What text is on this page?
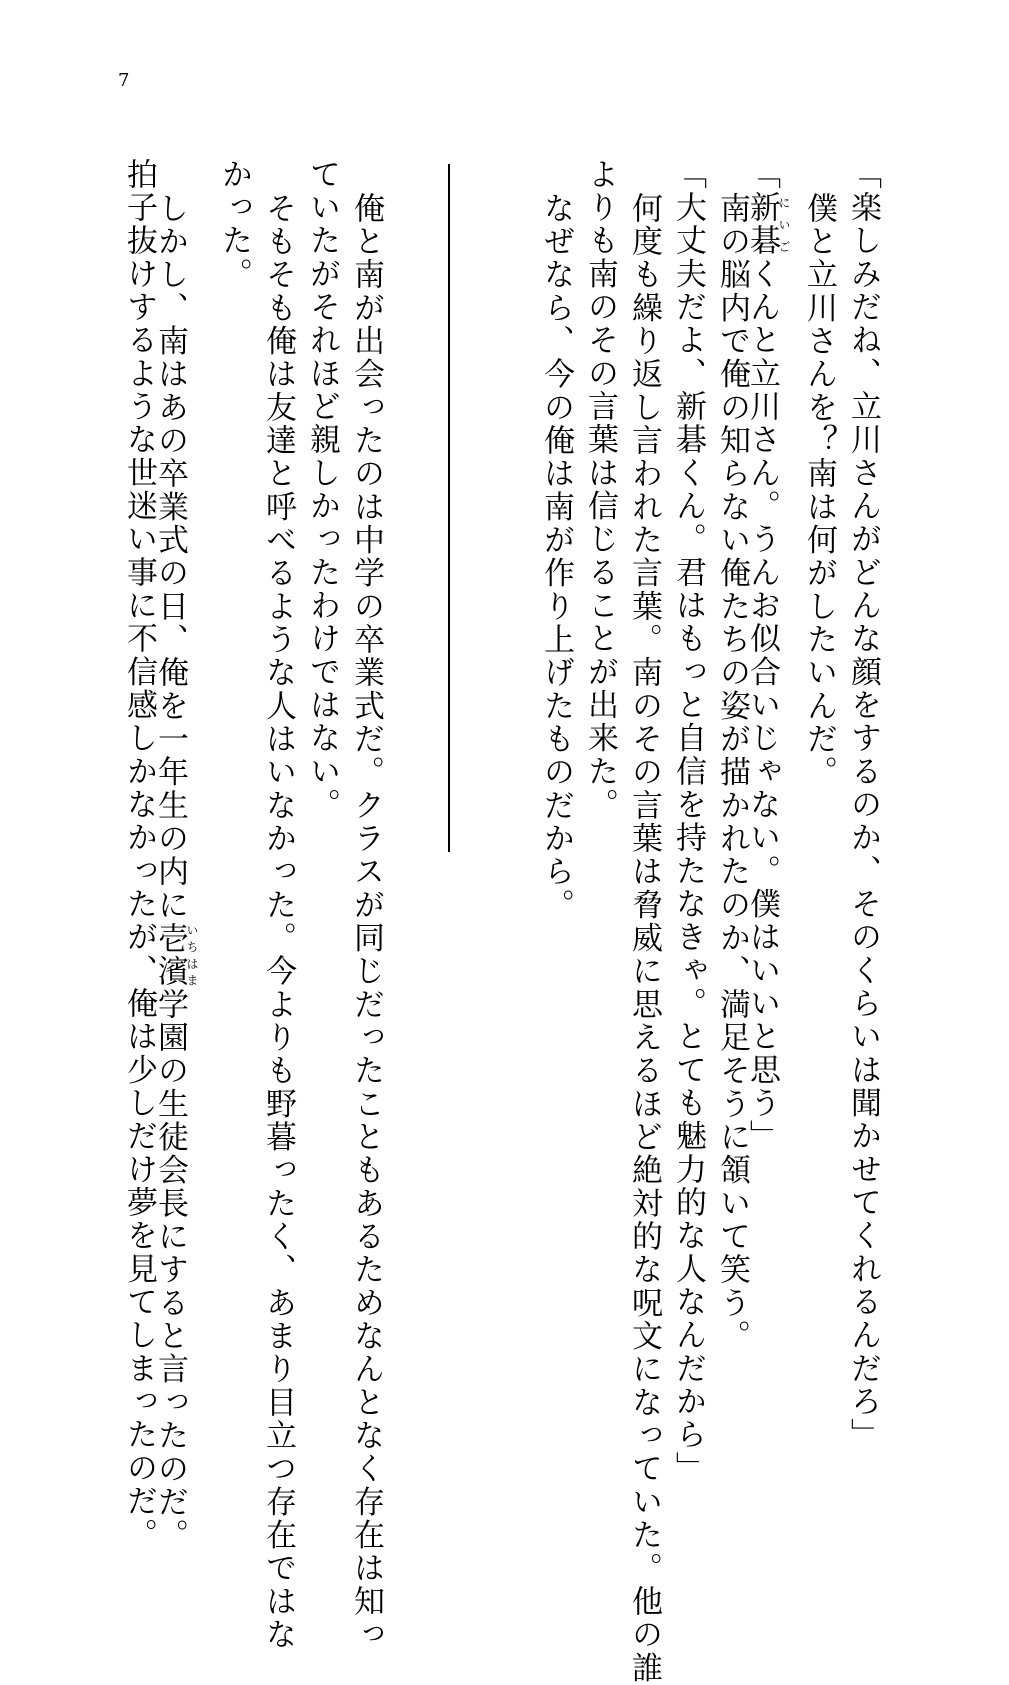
7
「楽しみだね、立川さんがどんな顔をするのか、そのくらいは聞かせてくれるんだろ」
僕と立川さんを？南は何がしたいんだ。
「新碁にいごくんと立川さん。うんお似合いじゃない。僕はいいと思う」
南の脳内で俺の知らない俺たちの姿が描かれたのか、満足そうに頷いて笑う。
「大丈夫だよ、新碁くん。君はもっと自信を持たなきゃ。とても魅力的な人なんだから」
何度も繰り返し言われた言葉。南のその言葉は脅威に思えるほど絶対的な呪文になっていた。他の誰
よりも南のその言葉は信じることが出来た。
なぜなら、今の俺は南が作り上げたものだから。
俺と南が出会ったのは中学の卒業式だ。クラスが同じだったこともあるためなんとなく存在は知っ
ていたがそれほど親しかったわけではない。
そもそも俺は友達と呼べるような人はいなかった。今よりも野暮ったく、あまり目立つ存在ではな
かった。
しかし、南はあの卒業式の日、俺を一年生の内に壱濱いちはま学園の生徒会長にすると言ったのだ。
拍子抜けするような世迷い事に不信感しかなかったが、俺は少しだけ夢を見てしまったのだ。
